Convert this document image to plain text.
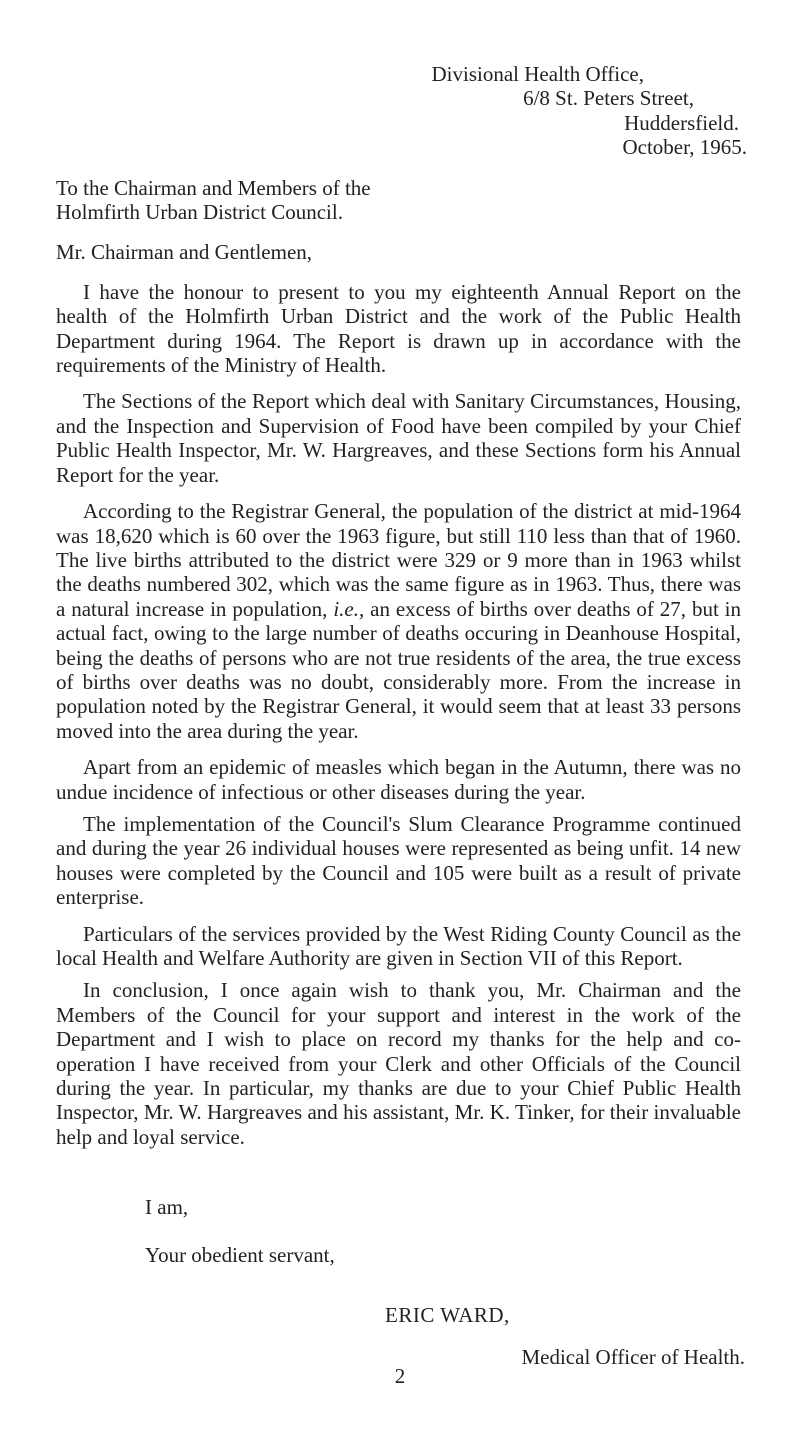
Divisional Health Office,
6/8 St. Peters Street,
Huddersfield.
October, 1965.
To the Chairman and Members of the
Holmfirth Urban District Council.
Mr. Chairman and Gentlemen,

I have the honour to present to you my eighteenth Annual Report on the health of the Holmfirth Urban District and the work of the Public Health Department during 1964. The Report is drawn up in accordance with the requirements of the Ministry of Health.

The Sections of the Report which deal with Sanitary Circumstances, Housing, and the Inspection and Supervision of Food have been compiled by your Chief Public Health Inspector, Mr. W. Hargreaves, and these Sections form his Annual Report for the year.

According to the Registrar General, the population of the district at mid-1964 was 18,620 which is 60 over the 1963 figure, but still 110 less than that of 1960. The live births attributed to the district were 329 or 9 more than in 1963 whilst the deaths numbered 302, which was the same figure as in 1963. Thus, there was a natural increase in population, i.e., an excess of births over deaths of 27, but in actual fact, owing to the large number of deaths occuring in Deanhouse Hospital, being the deaths of persons who are not true residents of the area, the true excess of births over deaths was no doubt, considerably more. From the increase in population noted by the Registrar General, it would seem that at least 33 persons moved into the area during the year.

Apart from an epidemic of measles which began in the Autumn, there was no undue incidence of infectious or other diseases during the year.

The implementation of the Council's Slum Clearance Programme continued and during the year 26 individual houses were represented as being unfit. 14 new houses were completed by the Council and 105 were built as a result of private enterprise.

Particulars of the services provided by the West Riding County Council as the local Health and Welfare Authority are given in Section VII of this Report.

In conclusion, I once again wish to thank you, Mr. Chairman and the Members of the Council for your support and interest in the work of the Department and I wish to place on record my thanks for the help and co-operation I have received from your Clerk and other Officials of the Council during the year. In particular, my thanks are due to your Chief Public Health Inspector, Mr. W. Hargreaves and his assistant, Mr. K. Tinker, for their invaluable help and loyal service.

I am,
Your obedient servant,
ERIC WARD,
Medical Officer of Health.
2
